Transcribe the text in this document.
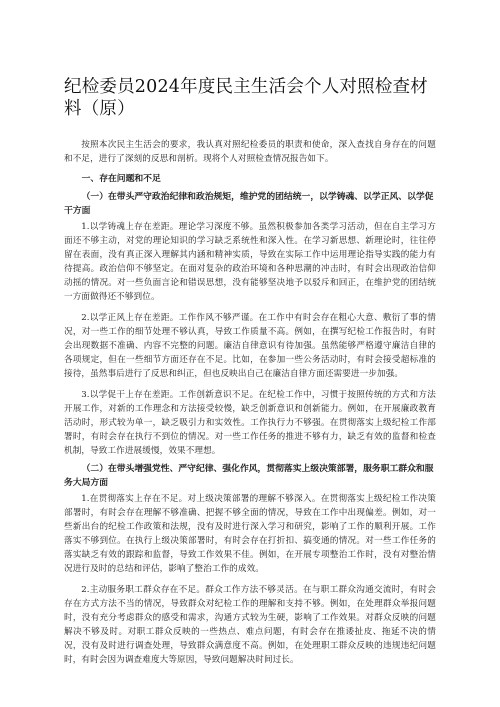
纪检委员2024年度民主生活会个人对照检查材料（原）

按照本次民主生活会的要求，我认真对照纪检委员的职责和使命，深入查找自身存在的问题和不足，进行了深刻的反思和剖析。现将个人对照检查情况报告如下。

一、存在问题和不足
（一）在带头严守政治纪律和政治规矩，维护党的团结统一，以学铸魂、以学正风、以学促干方面

1.以学铸魂上存在差距。理论学习深度不够。虽然积极参加各类学习活动，但在自主学习方面还不够主动，对党的理论知识的学习缺乏系统性和深入性。在学习新思想、新理论时，往往停留在表面，没有真正深入理解其内涵和精神实质，导致在实际工作中运用理论指导实践的能力有待提高。政治信仰不够坚定。在面对复杂的政治环境和各种思潮的冲击时，有时会出现政治信仰动摇的情况。对一些负面言论和错误思想，没有能够坚决地予以驳斥和回正，在维护党的团结统一方面做得还不够到位。

2.以学正风上存在差距。工作作风不够严谨。在工作中有时会存在粗心大意、敷衍了事的情况，对一些工作的细节处理不够认真，导致工作质量不高。例如，在撰写纪检工作报告时，有时会出现数据不准确、内容不完整的问题。廉洁自律意识有待加强。虽然能够严格遵守廉洁自律的各项规定，但在一些细节方面还存在不足。比如，在参加一些公务活动时，有时会接受超标准的接待，虽然事后进行了反思和纠正，但也反映出自己在廉洁自律方面还需要进一步加强。

3.以学促干上存在差距。工作创新意识不足。在纪检工作中，习惯于按照传统的方式和方法开展工作，对新的工作理念和方法接受较慢，缺乏创新意识和创新能力。例如，在开展廉政教育活动时，形式较为单一，缺乏吸引力和实效性。工作执行力不够强。在贯彻落实上级纪检工作部署时，有时会存在执行不到位的情况。对一些工作任务的推进不够有力，缺乏有效的监督和检查机制，导致工作进展缓慢，效果不理想。

（二）在带头增强党性、严守纪律、强化作风，贯彻落实上级决策部署，服务职工群众和服务大局方面

1.在贯彻落实上存在不足。对上级决策部署的理解不够深入。在贯彻落实上级纪检工作决策部署时，有时会存在理解不够准确、把握不够全面的情况，导致在工作中出现偏差。例如，对一些新出台的纪检工作政策和法规，没有及时进行深入学习和研究，影响了工作的顺利开展。工作落实不够到位。在执行上级决策部署时，有时会存在打折扣、搞变通的情况。对一些工作任务的落实缺乏有效的跟踪和监督，导致工作效果不佳。例如，在开展专项整治工作时，没有对整治情况进行及时的总结和评估，影响了整治工作的成效。

2.主动服务职工群众存在不足。群众工作方法不够灵活。在与职工群众沟通交流时，有时会存在方式方法不当的情况，导致群众对纪检工作的理解和支持不够。例如，在处理群众举报问题时，没有充分考虑群众的感受和需求，沟通方式较为生硬，影响了工作效果。对群众反映的问题解决不够及时。对职工群众反映的一些热点、难点问题，有时会存在推诿扯皮、拖延不决的情况，没有及时进行调查处理，导致群众满意度不高。例如，在处理职工群众反映的违规违纪问题时，有时会因为调查难度大等原因，导致问题解决时间过长。
